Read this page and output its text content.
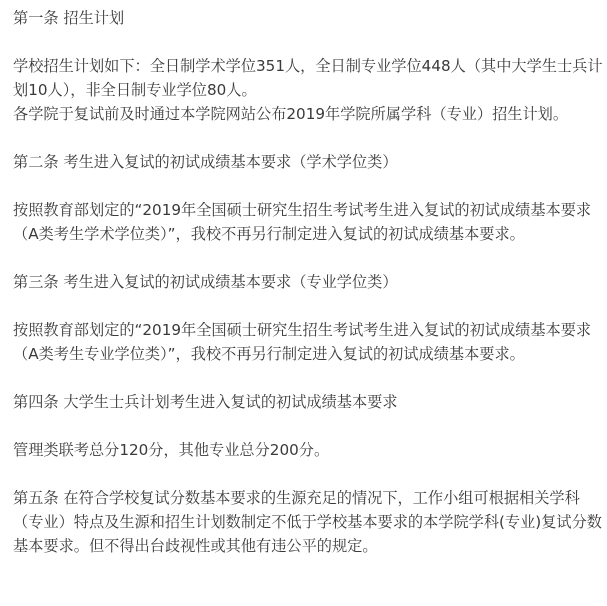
第一条 招生计划
学校招生计划如下：全日制学术学位351人，全日制专业学位448人（其中大学生士兵计
划10人），非全日制专业学位80人。
各学院于复试前及时通过本学院网站公布2019年学院所属学科（专业）招生计划。
第二条 考生进入复试的初试成绩基本要求（学术学位类）
按照教育部划定的“2019年全国硕士研究生招生考试考生进入复试的初试成绩基本要求
（A类考生学术学位类）”，我校不再另行制定进入复试的初试成绩基本要求。
第三条 考生进入复试的初试成绩基本要求（专业学位类）
按照教育部划定的“2019年全国硕士研究生招生考试考生进入复试的初试成绩基本要求
（A类考生专业学位类）”，我校不再另行制定进入复试的初试成绩基本要求。
第四条 大学生士兵计划考生进入复试的初试成绩基本要求
管理类联考总分120分，其他专业总分200分。
第五条 在符合学校复试分数基本要求的生源充足的情况下，工作小组可根据相关学科
（专业）特点及生源和招生计划数制定不低于学校基本要求的本学院学科(专业)复试分数
基本要求。但不得出台歧视性或其他有违公平的规定。
